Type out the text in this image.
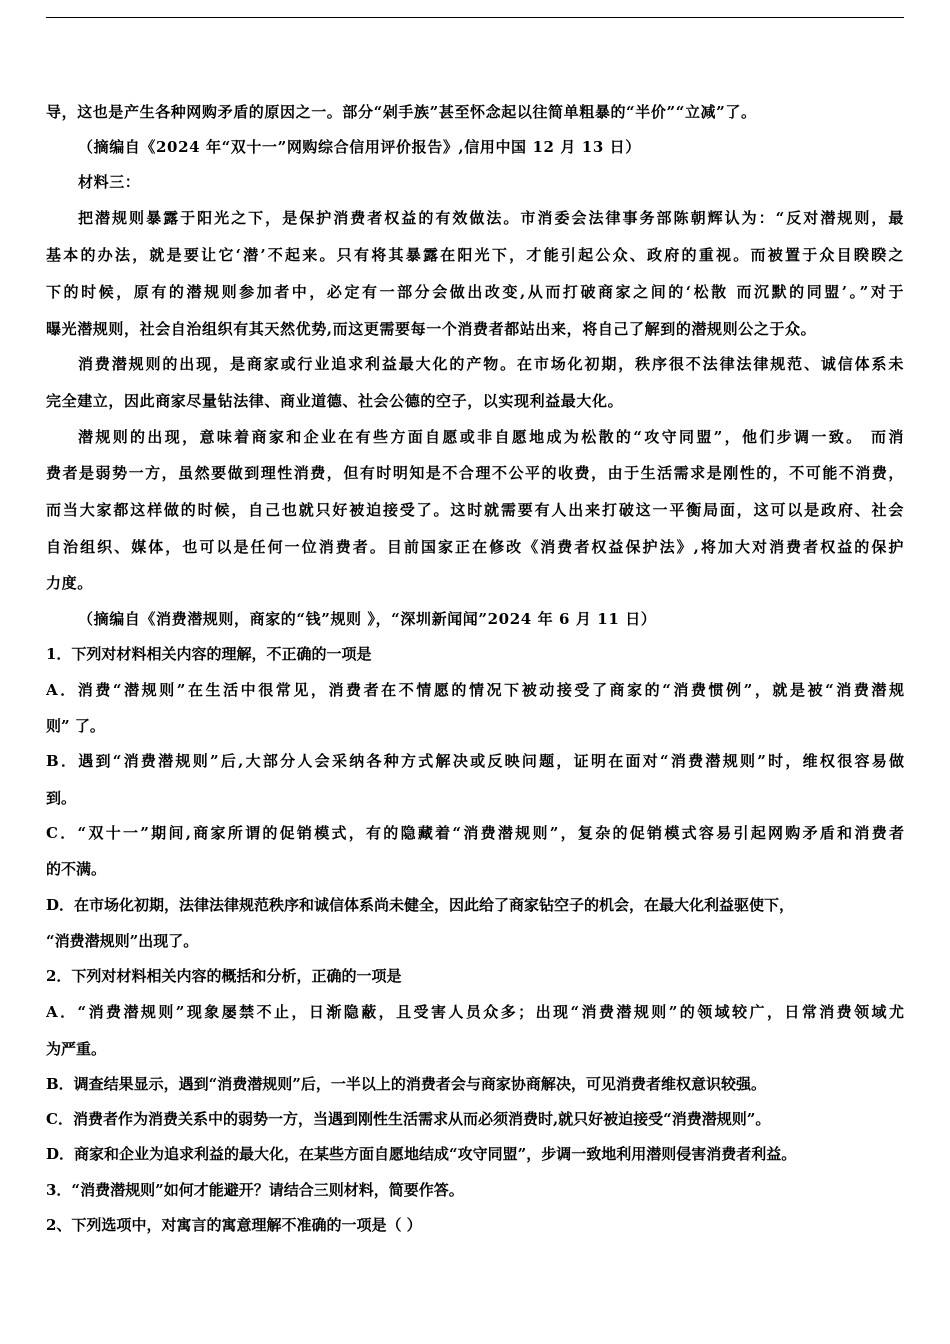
导，这也是产生各种网购矛盾的原因之一。部分“剁手族”甚至怀念起以往简单粗暴的“半价”“立减”了。
（摘编自《2024 年“双十一”网购综合信用评价报告》,信用中国 12 月 13 日）
材料三：
把潜规则暴露于阳光之下，是保护消费者权益的有效做法。市消委会法律事务部陈朝辉认为：“反对潜规则，最
基本的办法，就是要让它‘潜’不起来。只有将其暴露在阳光下，才能引起公众、政府的重视。而被置于众目睽睽之
下的时候，原有的潜规则参加者中，必定有一部分会做出改变,从而打破商家之间的‘松散 而沉默的同盟’。”对于
曝光潜规则，社会自治组织有其天然优势,而这更需要每一个消费者都站出来，将自己了解到的潜规则公之于众。
消费潜规则的出现，是商家或行业追求利益最大化的产物。在市场化初期，秩序很不法律法律规范、诚信体系未
完全建立，因此商家尽量钻法律、商业道德、社会公德的空子，以实现利益最大化。
潜规则的出现，意味着商家和企业在有些方面自愿或非自愿地成为松散的“攻守同盟”，他们步调一致。 而消
费者是弱势一方，虽然要做到理性消费，但有时明知是不合理不公平的收费，由于生活需求是刚性的，不可能不消费，
而当大家都这样做的时候，自己也就只好被迫接受了。这时就需要有人出来打破这一平衡局面，这可以是政府、社会
自治组织、媒体，也可以是任何一位消费者。目前国家正在修改《消费者权益保护法》,将加大对消费者权益的保护
力度。
（摘编自《消费潜规则，商家的“钱”规则 》，“深圳新闻闻”2024 年 6 月 11 日）
1．下列对材料相关内容的理解，不正确的一项是
A．消费“潜规则”在生活中很常见，消费者在不情愿的情况下被动接受了商家的“消费惯例”，就是被“消费潜规
则” 了。
B．遇到“消费潜规则”后,大部分人会采纳各种方式解决或反映问题，证明在面对“消费潜规则”时，维权很容易做
到。
C．“双十一”期间,商家所谓的促销模式，有的隐藏着“消费潜规则”，复杂的促销模式容易引起网购矛盾和消费者
的不满。
D．在市场化初期，法律法律规范秩序和诚信体系尚未健全，因此给了商家钻空子的机会，在最大化利益驱使下，
“消费潜规则”出现了。
2．下列对材料相关内容的概括和分析，正确的一项是
A．“消费潜规则”现象屡禁不止，日渐隐蔽，且受害人员众多；出现“消费潜规则”的领域较广，日常消费领域尤
为严重。
B．调查结果显示，遇到“消费潜规则”后，一半以上的消费者会与商家协商解决，可见消费者维权意识较强。
C．消费者作为消费关系中的弱势一方，当遇到刚性生活需求从而必须消费时,就只好被迫接受“消费潜规则”。
D．商家和企业为追求利益的最大化，在某些方面自愿地结成“攻守同盟”，步调一致地利用潜则侵害消费者利益。
3．“消费潜规则”如何才能避开？请结合三则材料，简要作答。
2、下列选项中，对寓言的寓意理解不准确的一项是（ ）
